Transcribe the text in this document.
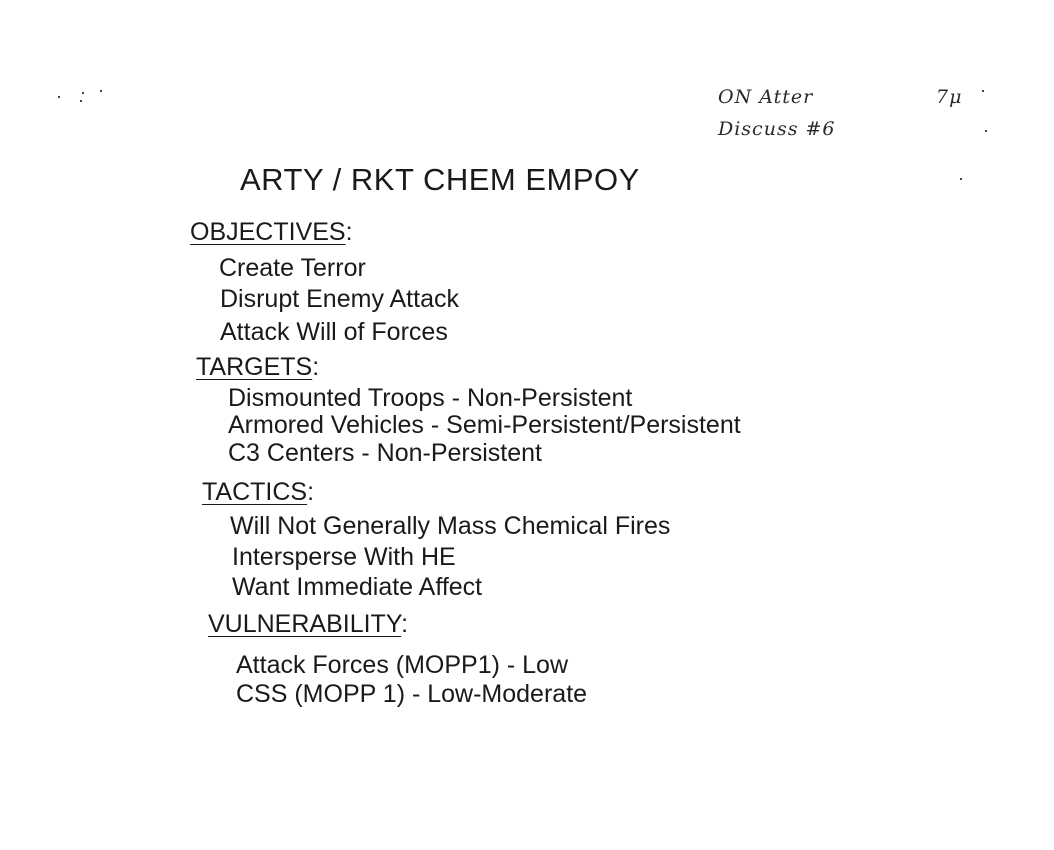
ON Atter
Discuss #6
7μ
ARTY / RKT CHEM EMPOY
OBJECTIVES:
Create Terror
Disrupt Enemy Attack
Attack Will of Forces
TARGETS:
Dismounted Troops - Non-Persistent
Armored Vehicles - Semi-Persistent/Persistent
C3 Centers - Non-Persistent
TACTICS:
Will Not Generally Mass Chemical Fires
Intersperse With HE
Want Immediate Affect
VULNERABILITY:
Attack Forces (MOPP1) - Low
CSS (MOPP 1) - Low-Moderate
